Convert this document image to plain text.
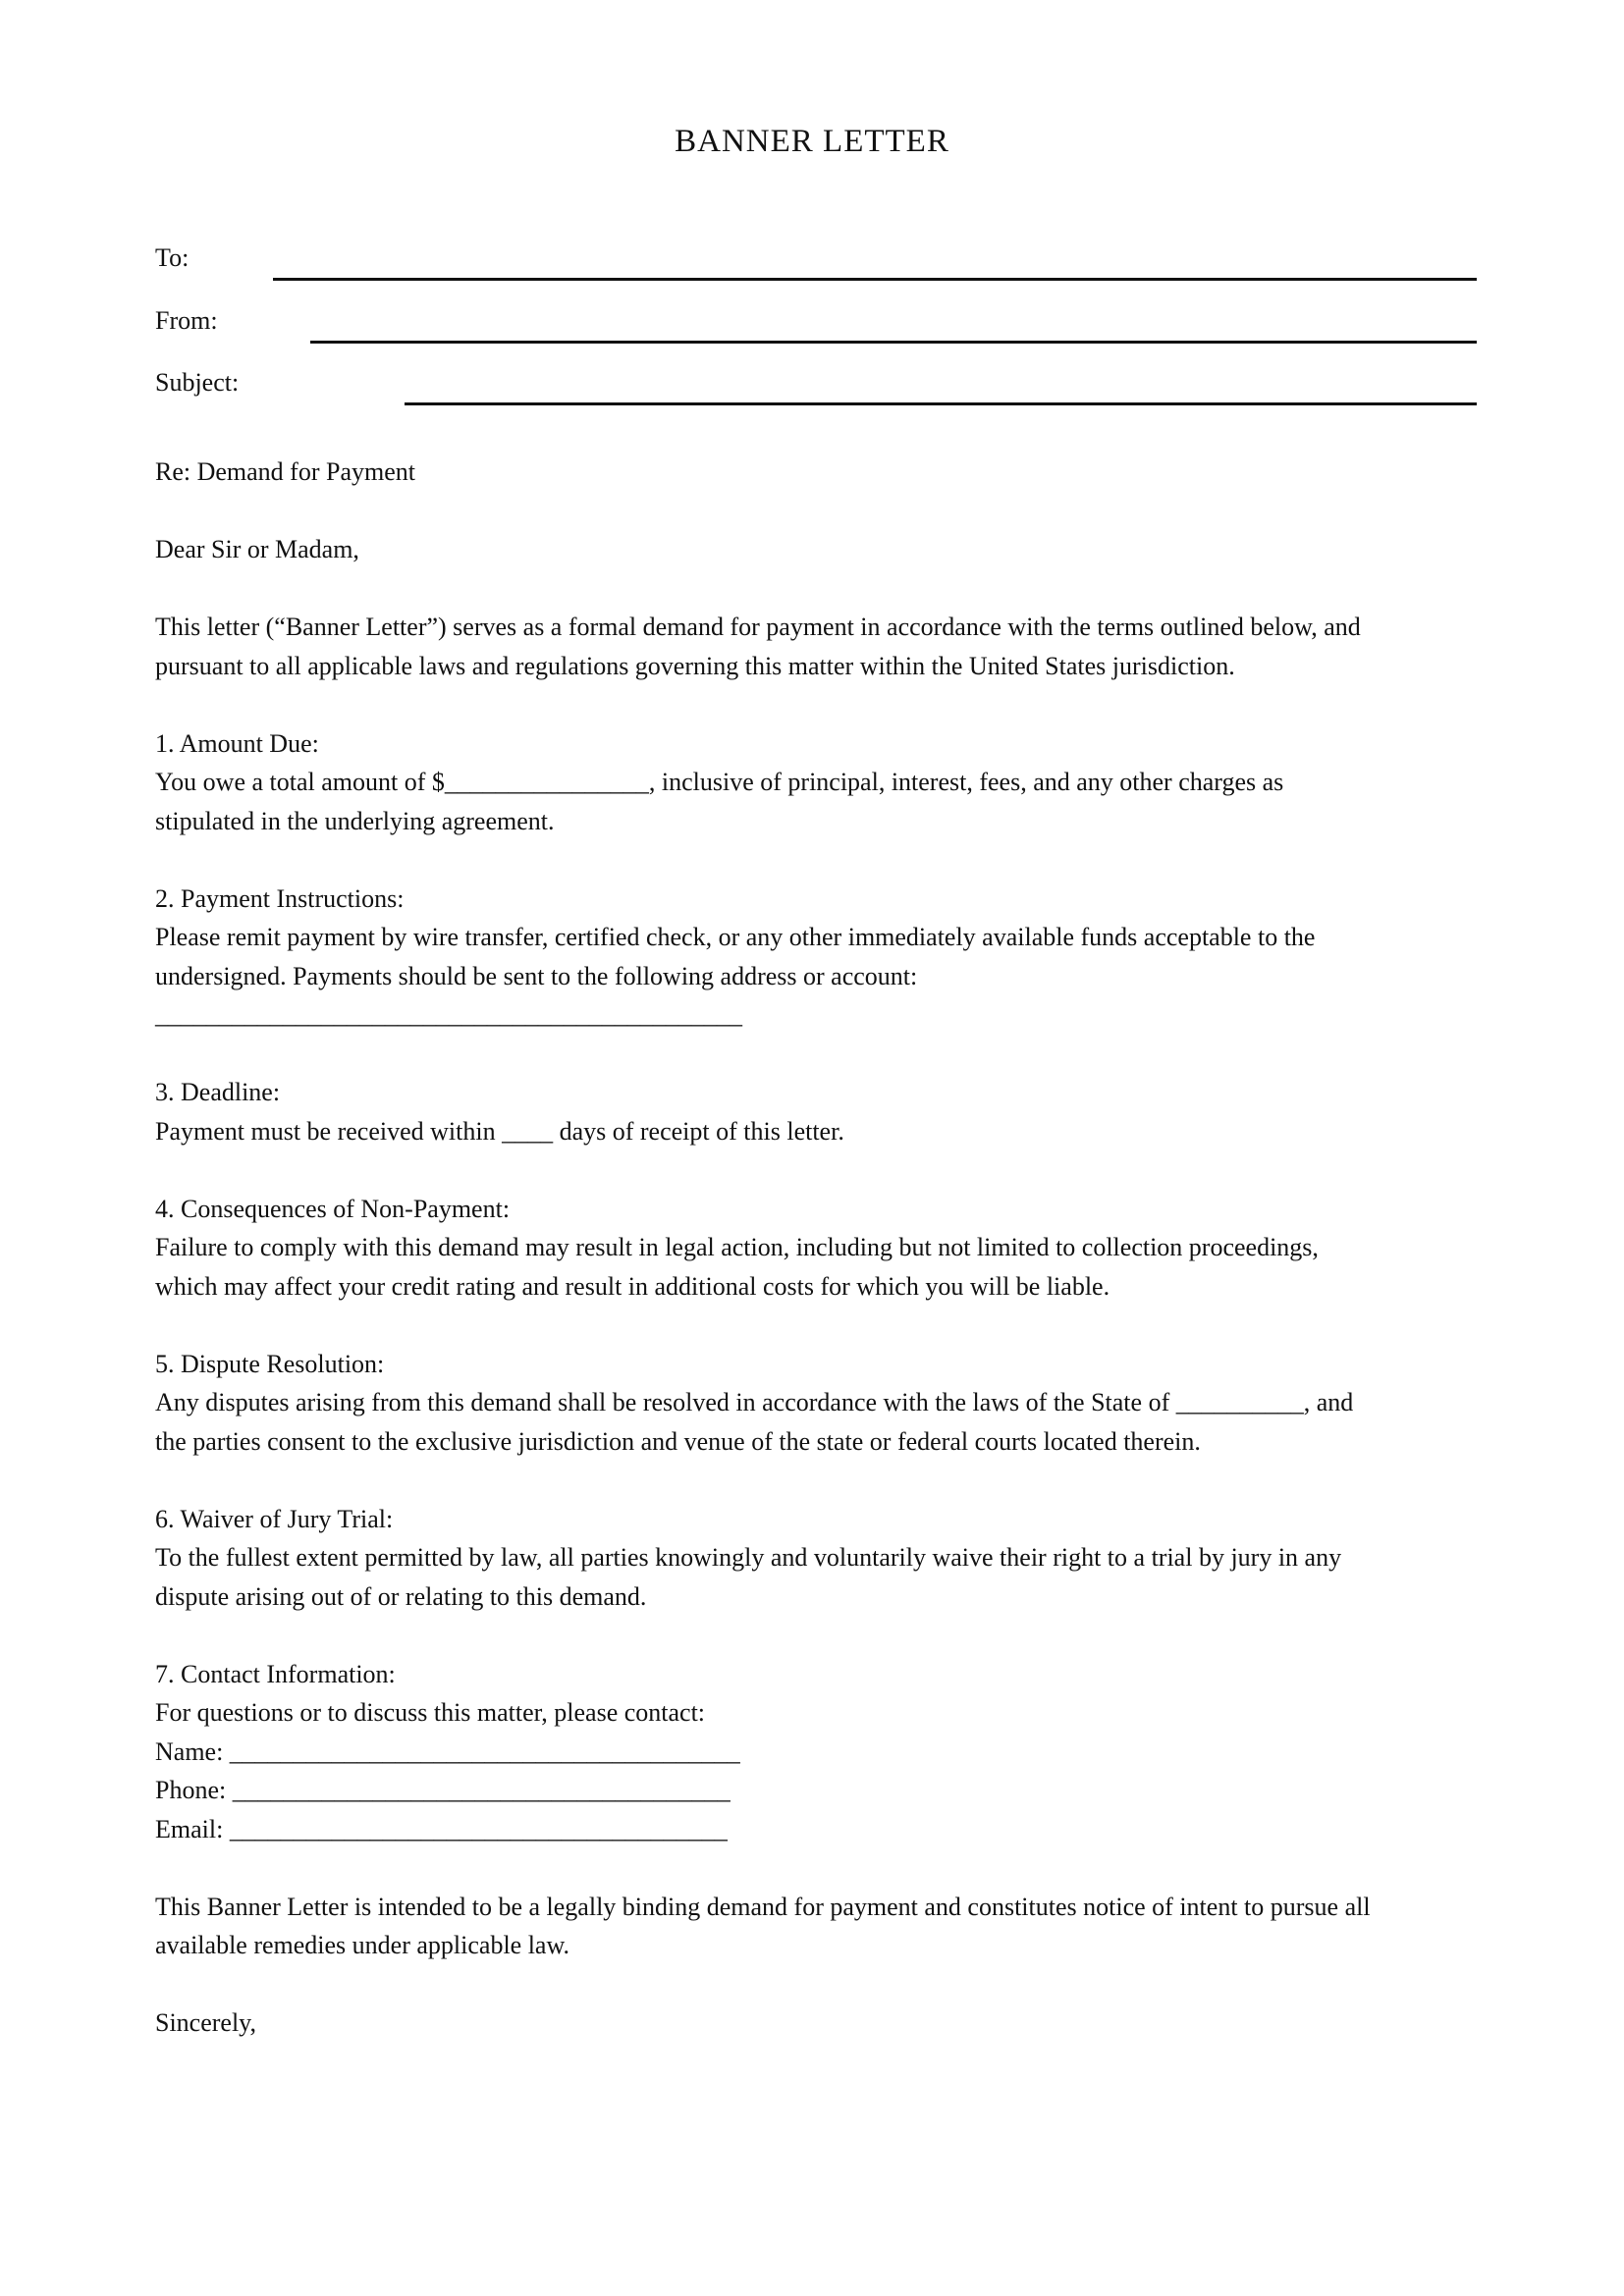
BANNER LETTER
To:
From:
Subject:
Re: Demand for Payment
Dear Sir or Madam,
This letter (“Banner Letter”) serves as a formal demand for payment in accordance with the terms outlined below, and
pursuant to all applicable laws and regulations governing this matter within the United States jurisdiction.
1. Amount Due:
You owe a total amount of $________________, inclusive of principal, interest, fees, and any other charges as
stipulated in the underlying agreement.
2. Payment Instructions:
Please remit payment by wire transfer, certified check, or any other immediately available funds acceptable to the
undersigned. Payments should be sent to the following address or account:
______________________________________________
3. Deadline:
Payment must be received within ____ days of receipt of this letter.
4. Consequences of Non-Payment:
Failure to comply with this demand may result in legal action, including but not limited to collection proceedings,
which may affect your credit rating and result in additional costs for which you will be liable.
5. Dispute Resolution:
Any disputes arising from this demand shall be resolved in accordance with the laws of the State of __________, and
the parties consent to the exclusive jurisdiction and venue of the state or federal courts located therein.
6. Waiver of Jury Trial:
To the fullest extent permitted by law, all parties knowingly and voluntarily waive their right to a trial by jury in any
dispute arising out of or relating to this demand.
7. Contact Information:
For questions or to discuss this matter, please contact:
Name: ________________________________________
Phone: _______________________________________
Email: _______________________________________
This Banner Letter is intended to be a legally binding demand for payment and constitutes notice of intent to pursue all
available remedies under applicable law.
Sincerely,
